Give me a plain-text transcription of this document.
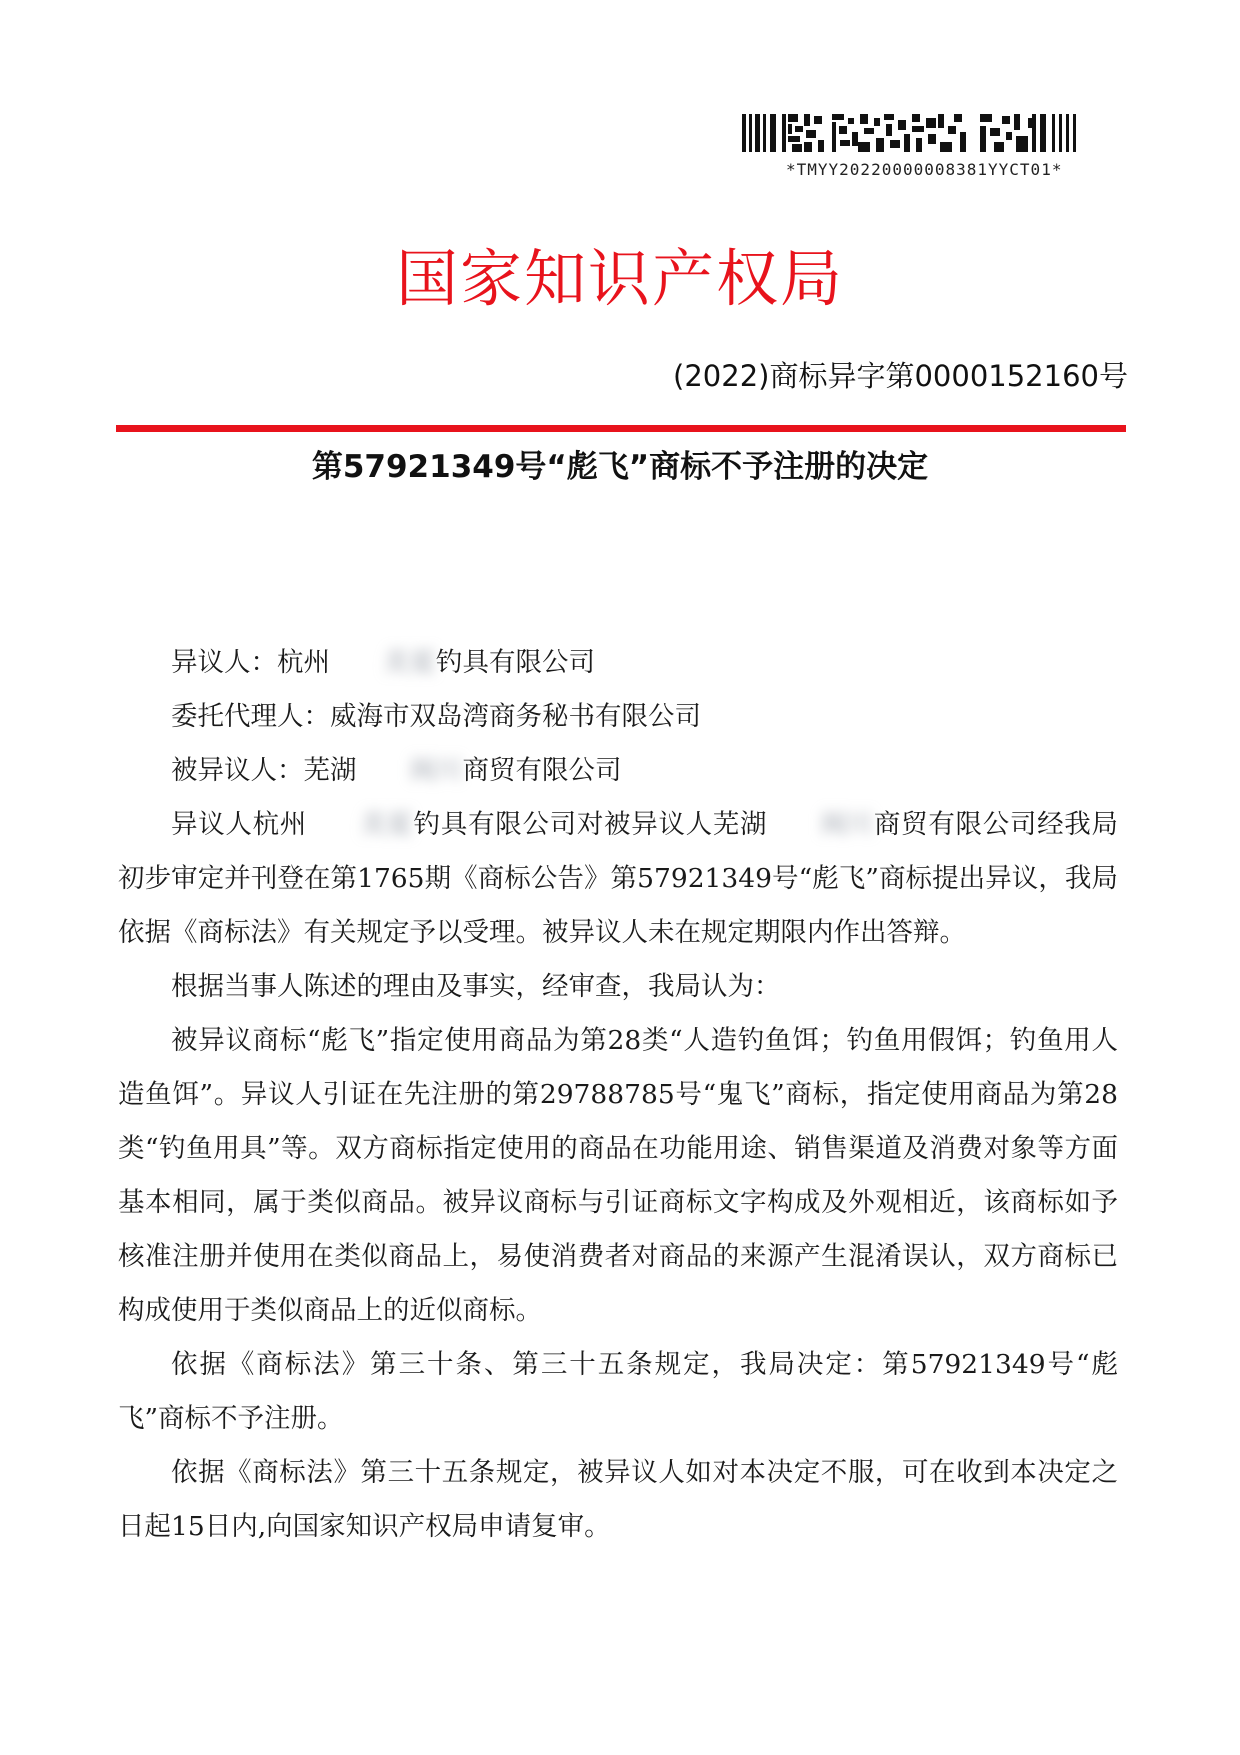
*TMYY20220000008381YYCT01*
国家知识产权局
(2022)商标异字第0000152160号
第57921349号“彪飞”商标不予注册的决定

异议人：杭州 美夏钓具有限公司

委托代理人：威海市双岛湾商务秘书有限公司

被异议人：芜湖 闽川商贸有限公司

异议人杭州 美夏钓具有限公司对被异议人芜湖 闽川商贸有限公司经我局初步审定并刊登在第1765期《商标公告》第57921349号“彪飞”商标提出异议，我局依据《商标法》有关规定予以受理。被异议人未在规定期限内作出答辩。

根据当事人陈述的理由及事实，经审查，我局认为：

被异议商标“彪飞”指定使用商品为第28类“人造钓鱼饵；钓鱼用假饵；钓鱼用人造鱼饵”。异议人引证在先注册的第29788785号“鬼飞”商标，指定使用商品为第28类“钓鱼用具”等。双方商标指定使用的商品在功能用途、销售渠道及消费对象等方面基本相同，属于类似商品。被异议商标与引证商标文字构成及外观相近，该商标如予核准注册并使用在类似商品上，易使消费者对商品的来源产生混淆误认，双方商标已构成使用于类似商品上的近似商标。

依据《商标法》第三十条、第三十五条规定，我局决定：第57921349号“彪飞”商标不予注册。

依据《商标法》第三十五条规定，被异议人如对本决定不服，可在收到本决定之日起15日内,向国家知识产权局申请复审。
